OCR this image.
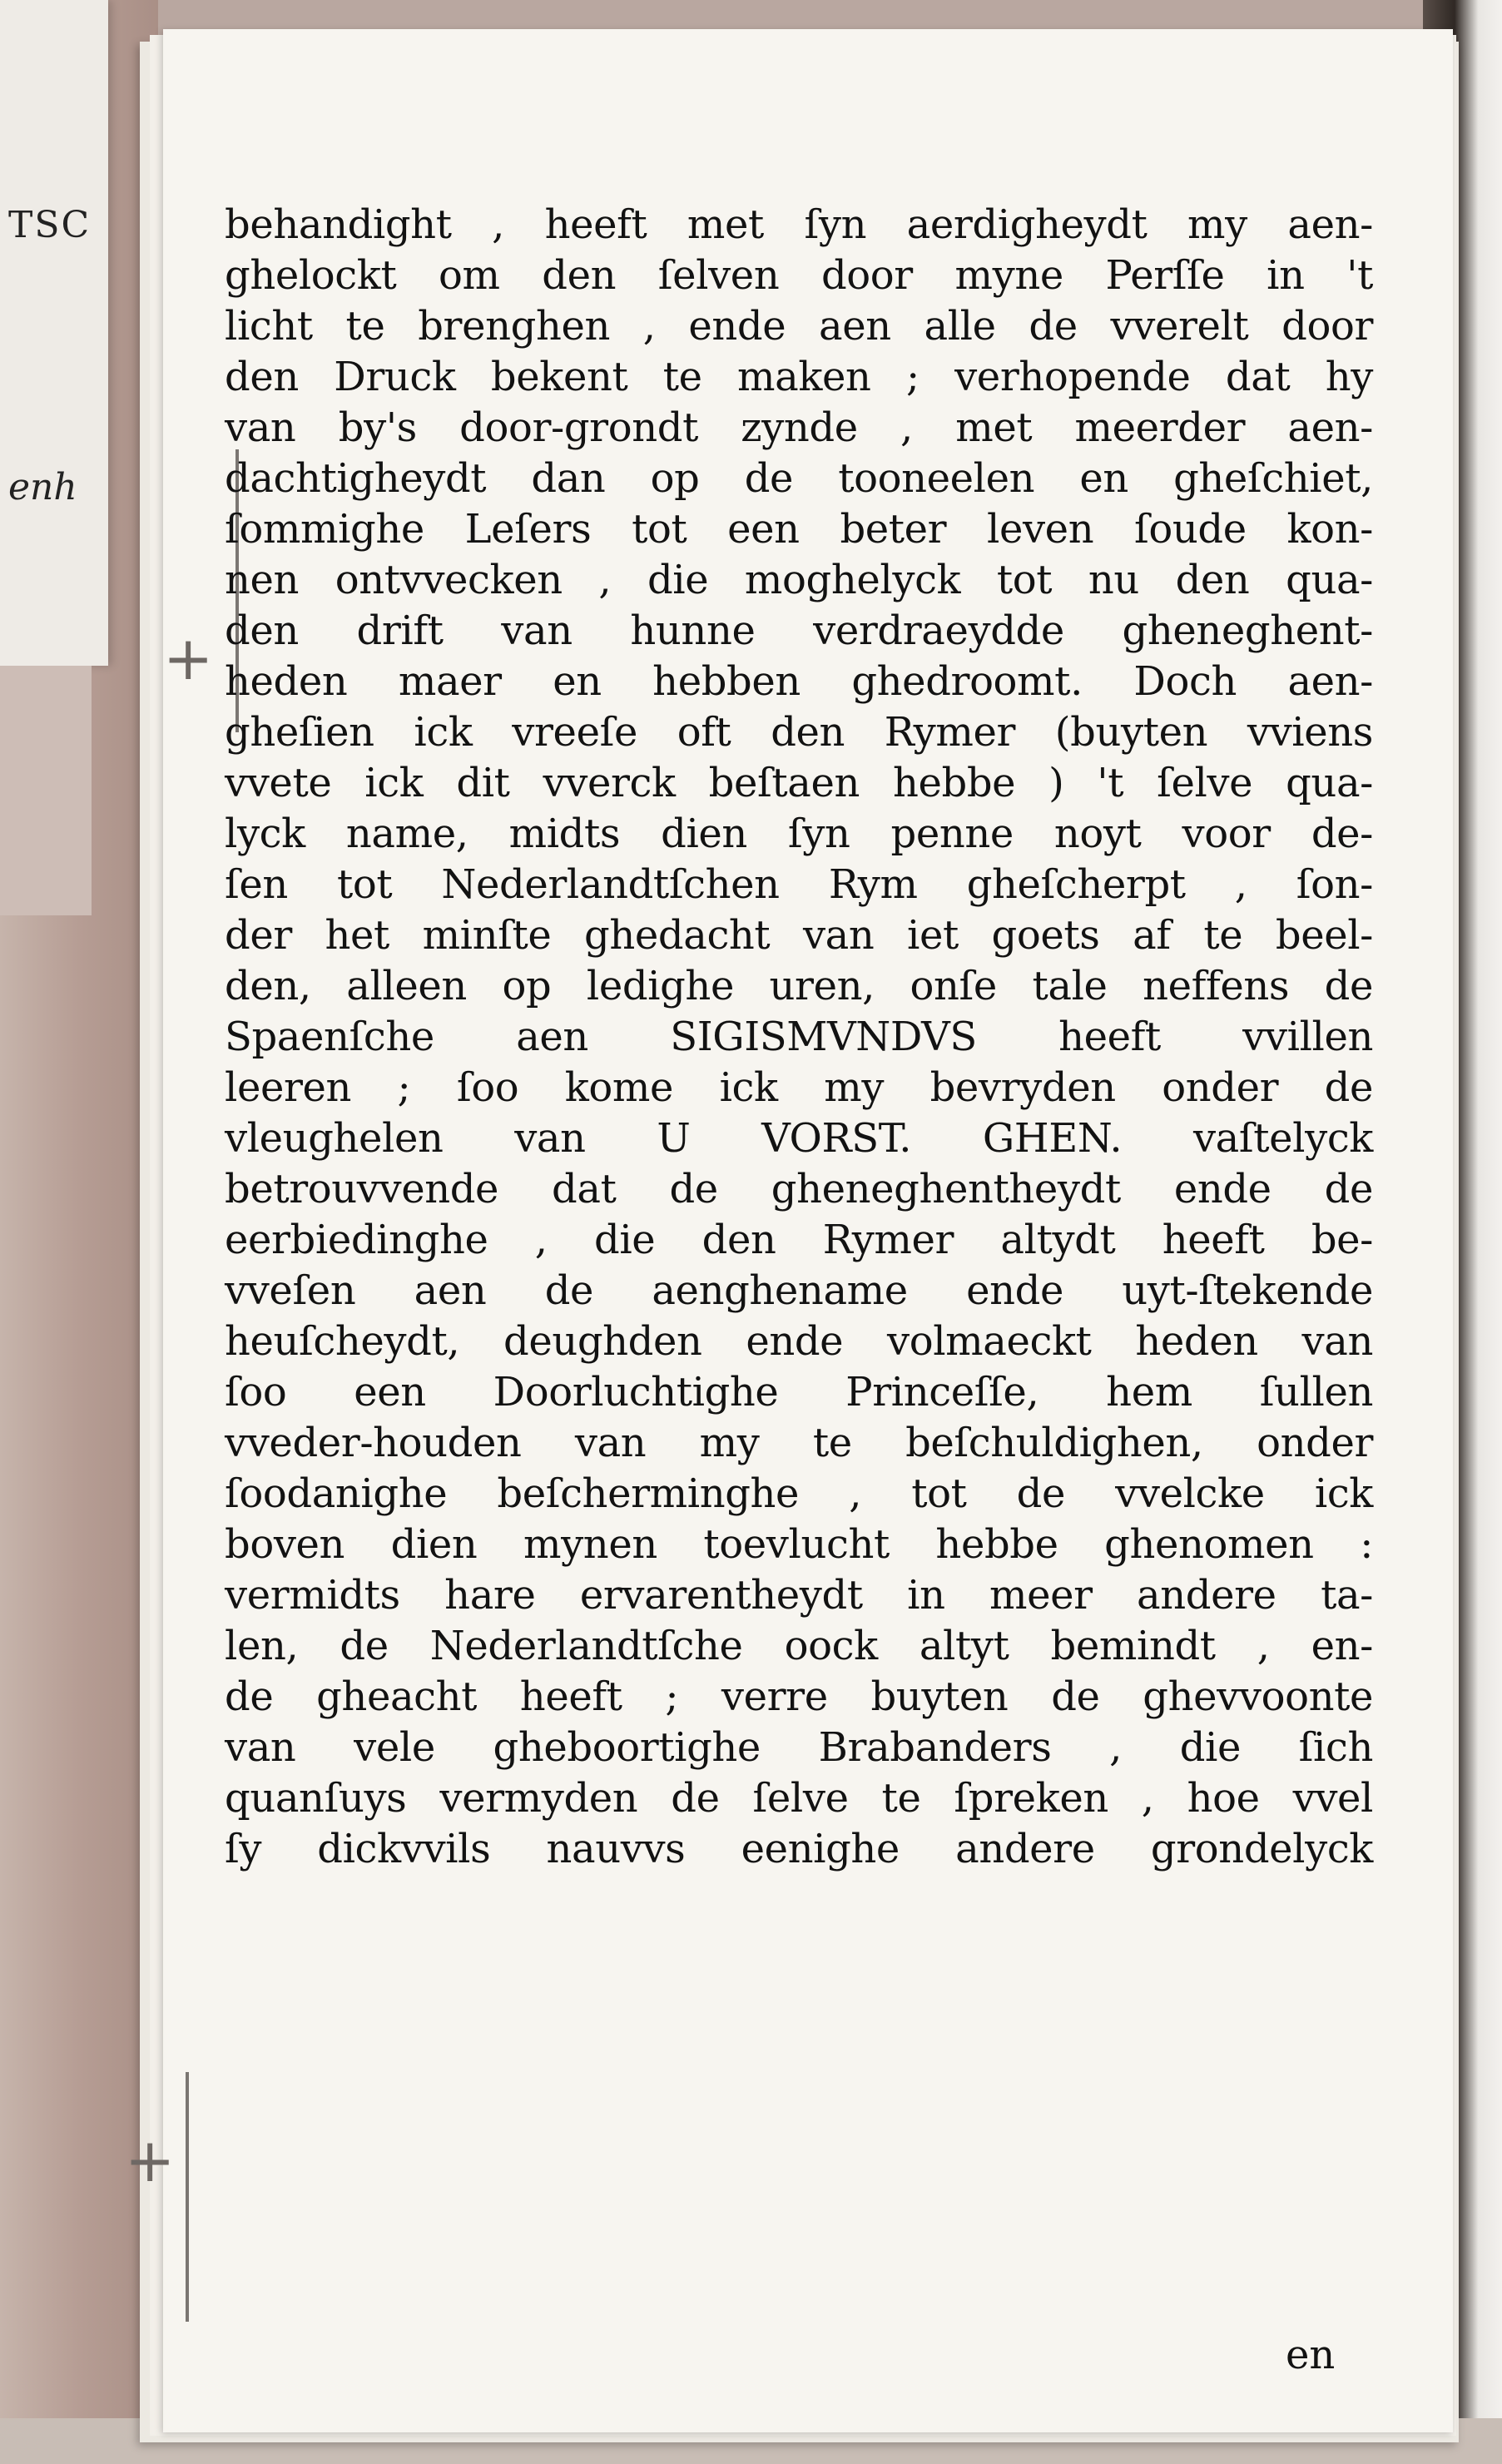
TSC
enh
+
+
behandight , heeft met ſyn aerdigheydt my aen-
ghelockt om den ſelven door myne Perſſe in 't
licht te brenghen , ende aen alle de vverelt door
den Druck bekent te maken ; verhopende dat hy
van by's door-grondt zynde , met meerder aen-
dachtigheydt dan op de tooneelen en gheſchiet,
ſommighe Leſers tot een beter leven ſoude kon-
nen ontvvecken , die moghelyck tot nu den qua-
den drift van hunne verdraeydde gheneghent-
heden maer en hebben ghedroomt. Doch aen-
gheſien ick vreeſe oft den Rymer (buyten vviens
vvete ick dit vverck beſtaen hebbe ) 't ſelve qua-
lyck name, midts dien ſyn penne noyt voor de-
ſen tot Nederlandtſchen Rym gheſcherpt , ſon-
der het minſte ghedacht van iet goets af te beel-
den, alleen op ledighe uren, onſe tale neffens de
Spaenſche aen SIGISMVNDVS heeft vvillen
leeren ; ſoo kome ick my bevryden onder de
vleughelen van U VORST. GHEN. vaſtelyck
betrouvvende dat de gheneghentheydt ende de
eerbiedinghe , die den Rymer altydt heeft be-
vveſen aen de aenghename ende uyt-ſtekende
heuſcheydt, deughden ende volmaeckt heden van
ſoo een Doorluchtighe Princeſſe, hem ſullen
vveder-houden van my te beſchuldighen, onder
ſoodanighe beſcherminghe , tot de vvelcke ick
boven dien mynen toevlucht hebbe ghenomen :
vermidts hare ervarentheydt in meer andere ta-
len, de Nederlandtſche oock altyt bemindt , en-
de gheacht heeft ; verre buyten de ghevvoonte
van vele gheboortighe Brabanders , die ſich
quanſuys vermyden de ſelve te ſpreken , hoe vvel
ſy dickvvils nauvvs eenighe andere grondelyck
en
